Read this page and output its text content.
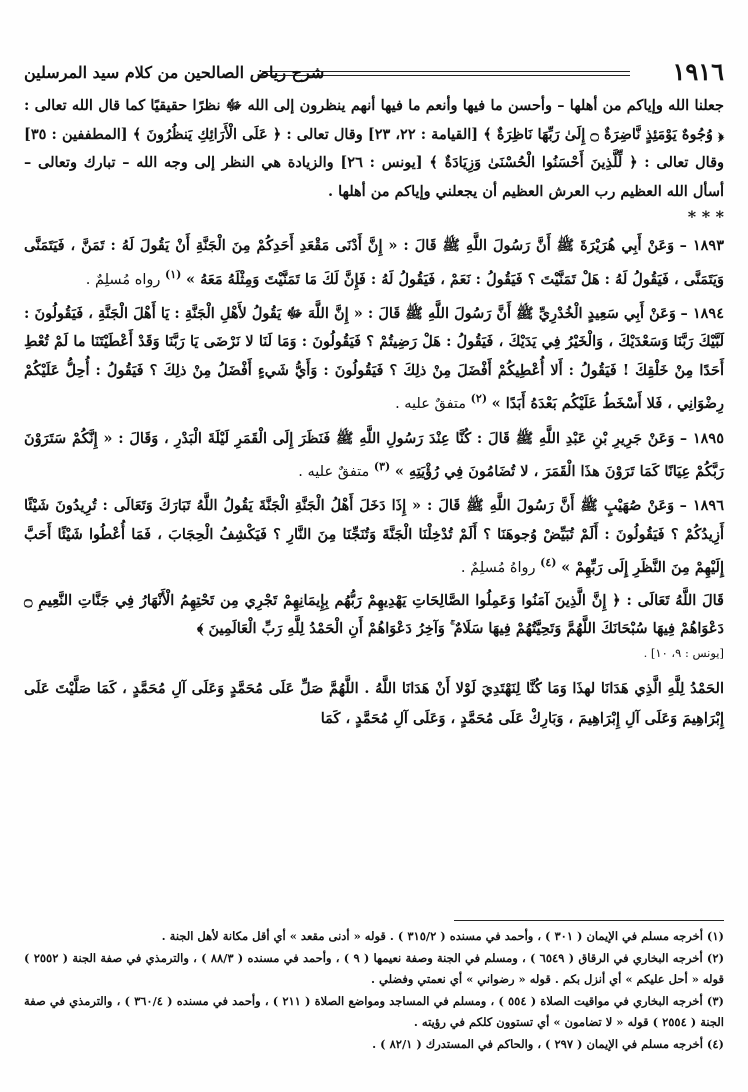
١٩١٦
شرح رياض الصالحين من كلام سيد المرسلين

جعلنا الله وإياكم من أهلها – وأحسن ما فيها وأنعم ما فيها أنهم ينظرون إلى الله ﷻ نظرًا حقيقيًا كما قال الله تعالى : ﴿ وُجُوهٌ يَوْمَئِذٍ نَّاضِرَةٌ ۝ إِلَىٰ رَبِّهَا نَاظِرَةٌ ﴾ [القيامة : ٢٢، ٢٣] وقال تعالى : ﴿ عَلَى الْأَرَائِكِ يَنظُرُونَ ﴾ [المطففين : ٣٥] وقال تعالى : ﴿ لِّلَّذِينَ أَحْسَنُوا الْحُسْنَىٰ وَزِيَادَةٌ ﴾ [يونس : ٢٦] والزيادة هي النظر إلى وجه الله – تبارك وتعالى – أسأل الله العظيم رب العرش العظيم أن يجعلني وإياكم من أهلها .

* * *

١٨٩٣ – وَعَنْ أَبِي هُرَيْرَةَ ﷺ أَنَّ رَسُولَ اللَّهِ ﷺ قَالَ : « إِنَّ أَدْنَى مَقْعَدِ أَحَدِكُمْ مِنَ الْجَنَّةِ أَنْ يَقُولَ لَهُ : تَمَنَّ ، فَيَتَمَنَّى وَيَتَمَنَّى ، فَيَقُولُ لَهُ : هَلْ تَمَنَّيْتَ ؟ فَيَقُولُ : نَعَمْ ، فَيَقُولُ لَهُ : فَإِنَّ لَكَ مَا تَمَنَّيْتَ وَمِثْلَهُ مَعَهُ » $^{(١)}$ رواه مُسلِمٌ .

١٨٩٤ – وَعَنْ أَبِي سَعِيدٍ الْخُدْرِيِّ ﷺ أَنَّ رَسُولَ اللَّهِ ﷺ قَالَ : « إِنَّ اللَّهَ ﷻ يَقُولُ لأَهْلِ الْجَنَّةِ : يَا أَهْلَ الْجَنَّةِ ، فَيَقُولُونَ : لَبَّيْكَ رَبَّنَا وَسَعْدَيْكَ ، وَالْخَيْرُ فِي يَدَيْكَ ، فَيَقُولُ : هَلْ رَضِيتُمْ ؟ فَيَقُولُونَ : وَمَا لَنَا لا نَرْضَى يَا رَبَّنَا وَقَدْ أَعْطَيْتَنَا ما لَمْ تُعْطِ أَحَدًا مِنْ خَلْقِكَ ! فَيَقُولُ : أَلا أُعْطِيكُمْ أَفْضَلَ مِنْ ذلِكَ ؟ فَيَقُولُونَ : وَأَيُّ شَيءٍ أَفْضَلُ مِنْ ذلِكَ ؟ فَيَقُولُ : أُحِلُّ عَلَيْكُمْ رِضْوَانِي ، فَلا أَسْخَطُ عَلَيْكُم بَعْدَهُ أَبَدًا » $^{(٢)}$ متفقٌ عليه .

١٨٩٥ – وَعَنْ جَرِيرِ بْنِ عَبْدِ اللَّهِ ﷺ قَالَ : كُنَّا عِنْدَ رَسُولِ اللَّهِ ﷺ فَنَظَرَ إِلَى الْقَمَرِ لَيْلَةَ الْبَدْرِ ، وَقَالَ : « إِنَّكُمْ سَتَرَوْنَ رَبَّكُمْ عِيَانًا كَمَا تَرَوْنَ هذَا الْقَمَرَ ، لا تُضَامُونَ فِي رُؤْيَتِهِ » $^{(٣)}$ متفقٌ عليه .

١٨٩٦ – وَعَنْ صُهَيْبٍ ﷺ أَنَّ رَسُولَ اللَّهِ ﷺ قَالَ : « إِذَا دَخَلَ أَهْلُ الْجَنَّةِ الْجَنَّةَ يَقُولُ اللَّهُ تَبَارَكَ وَتَعَالَى : تُرِيدُونَ شَيْئًا أَزِيدُكُمْ ؟ فَيَقُولُونَ : أَلَمْ تُبَيِّضْ وُجوهَنَا ؟ أَلَمْ تُدْخِلْنَا الْجَنَّةَ وَتُنَجِّنَا مِنَ النَّارِ ؟ فَيَكْشِفُ الْحِجَابَ ، فَمَا أُعْطُوا شَيْئًا أَحَبَّ إِلَيْهِمْ مِنَ النَّظَرِ إِلَى رَبِّهِمْ » $^{(٤)}$ رواهُ مُسلِمٌ .

قَالَ اللَّهُ تَعَالَى : ﴿ إِنَّ الَّذِينَ آمَنُوا وَعَمِلُوا الصَّالِحَاتِ يَهْدِيهِمْ رَبُّهُم بِإِيمَانِهِمْ تَجْرِي مِن تَحْتِهِمُ الْأَنْهَارُ فِي جَنَّاتِ النَّعِيمِ ۝ دَعْوَاهُمْ فِيهَا سُبْحَانَكَ اللَّهُمَّ وَتَحِيَّتُهُمْ فِيهَا سَلَامٌ ۚ وَآخِرُ دَعْوَاهُمْ أَنِ الْحَمْدُ لِلَّهِ رَبِّ الْعَالَمِينَ ﴾

[يونس : ٩، ١٠] .

الحَمْدُ لِلَّهِ الَّذِي هَدَانَا لهذَا وَمَا كُنَّا لِنَهْتَدِيَ لَوْلا أَنْ هَدَانَا اللَّهُ . اللَّهُمَّ صَلِّ عَلَى مُحَمَّدٍ وَعَلَى آلِ مُحَمَّدٍ ، كَمَا صَلَّيْتَ عَلَى إِبْرَاهِيمَ وَعَلَى آلِ إِبْرَاهِيمَ ، وَبَارِكْ عَلَى مُحَمَّدٍ ، وَعَلَى آلِ مُحَمَّدٍ ، كَمَا

(١) أخرجه مسلم في الإيمان ( ٣٠١ ) ، وأحمد في مسنده ( ٣١٥/٢ ) . قوله « أدنى مقعد » أي أقل مكانة لأهل الجنة .

(٢) أخرجه البخاري في الرقاق ( ٦٥٤٩ ) ، ومسلم في الجنة وصفة نعيمها ( ٩ ) ، وأحمد في مسنده ( ٨٨/٣ ) ، والترمذي في صفة الجنة ( ٢٥٥٢ ) قوله « أحل عليكم » أي أنزل بكم . قوله « رضواني » أي نعمتي وفضلي .

(٣) أخرجه البخاري في مواقيت الصلاة ( ٥٥٤ ) ، ومسلم في المساجد ومواضع الصلاة ( ٢١١ ) ، وأحمد في مسنده ( ٣٦٠/٤ ) ، والترمذي في صفة الجنة ( ٢٥٥٤ ) قوله « لا تضامون » أي تستوون كلكم في رؤيته .

(٤) أخرجه مسلم في الإيمان ( ٢٩٧ ) ، والحاكم في المستدرك ( ٨٢/١ ) .
